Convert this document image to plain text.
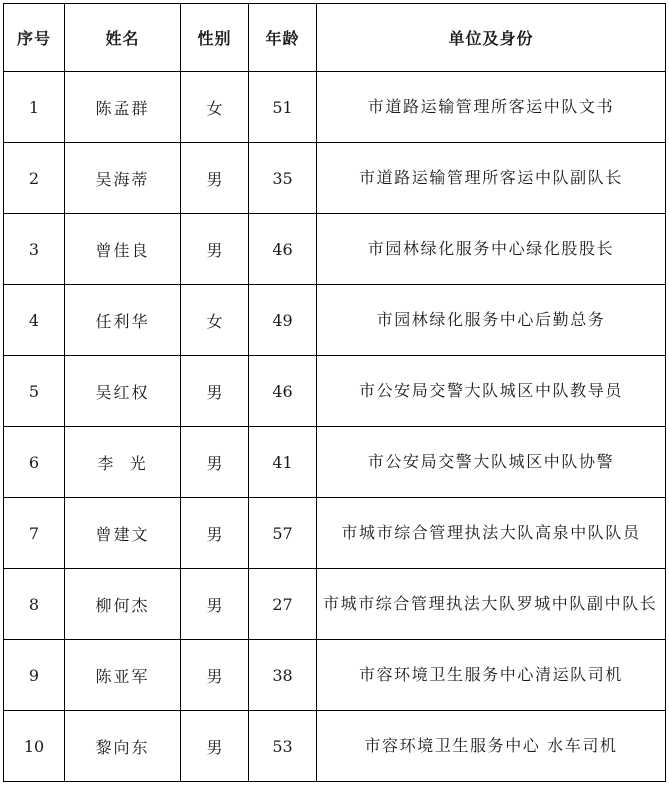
序号	姓名	性别	年龄	单位及身份
1	陈孟群	女	51	市道路运输管理所客运中队文书
2	吴海蒂	男	35	市道路运输管理所客运中队副队长
3	曾佳良	男	46	市园林绿化服务中心绿化股股长
4	任利华	女	49	市园林绿化服务中心后勤总务
5	吴红权	男	46	市公安局交警大队城区中队教导员
6	李  光	男	41	市公安局交警大队城区中队协警
7	曾建文	男	57	市城市综合管理执法大队高泉中队队员
8	柳何杰	男	27	市城市综合管理执法大队罗城中队副中队长
9	陈亚军	男	38	市容环境卫生服务中心清运队司机
10	黎向东	男	53	市容环境卫生服务中心 水车司机
